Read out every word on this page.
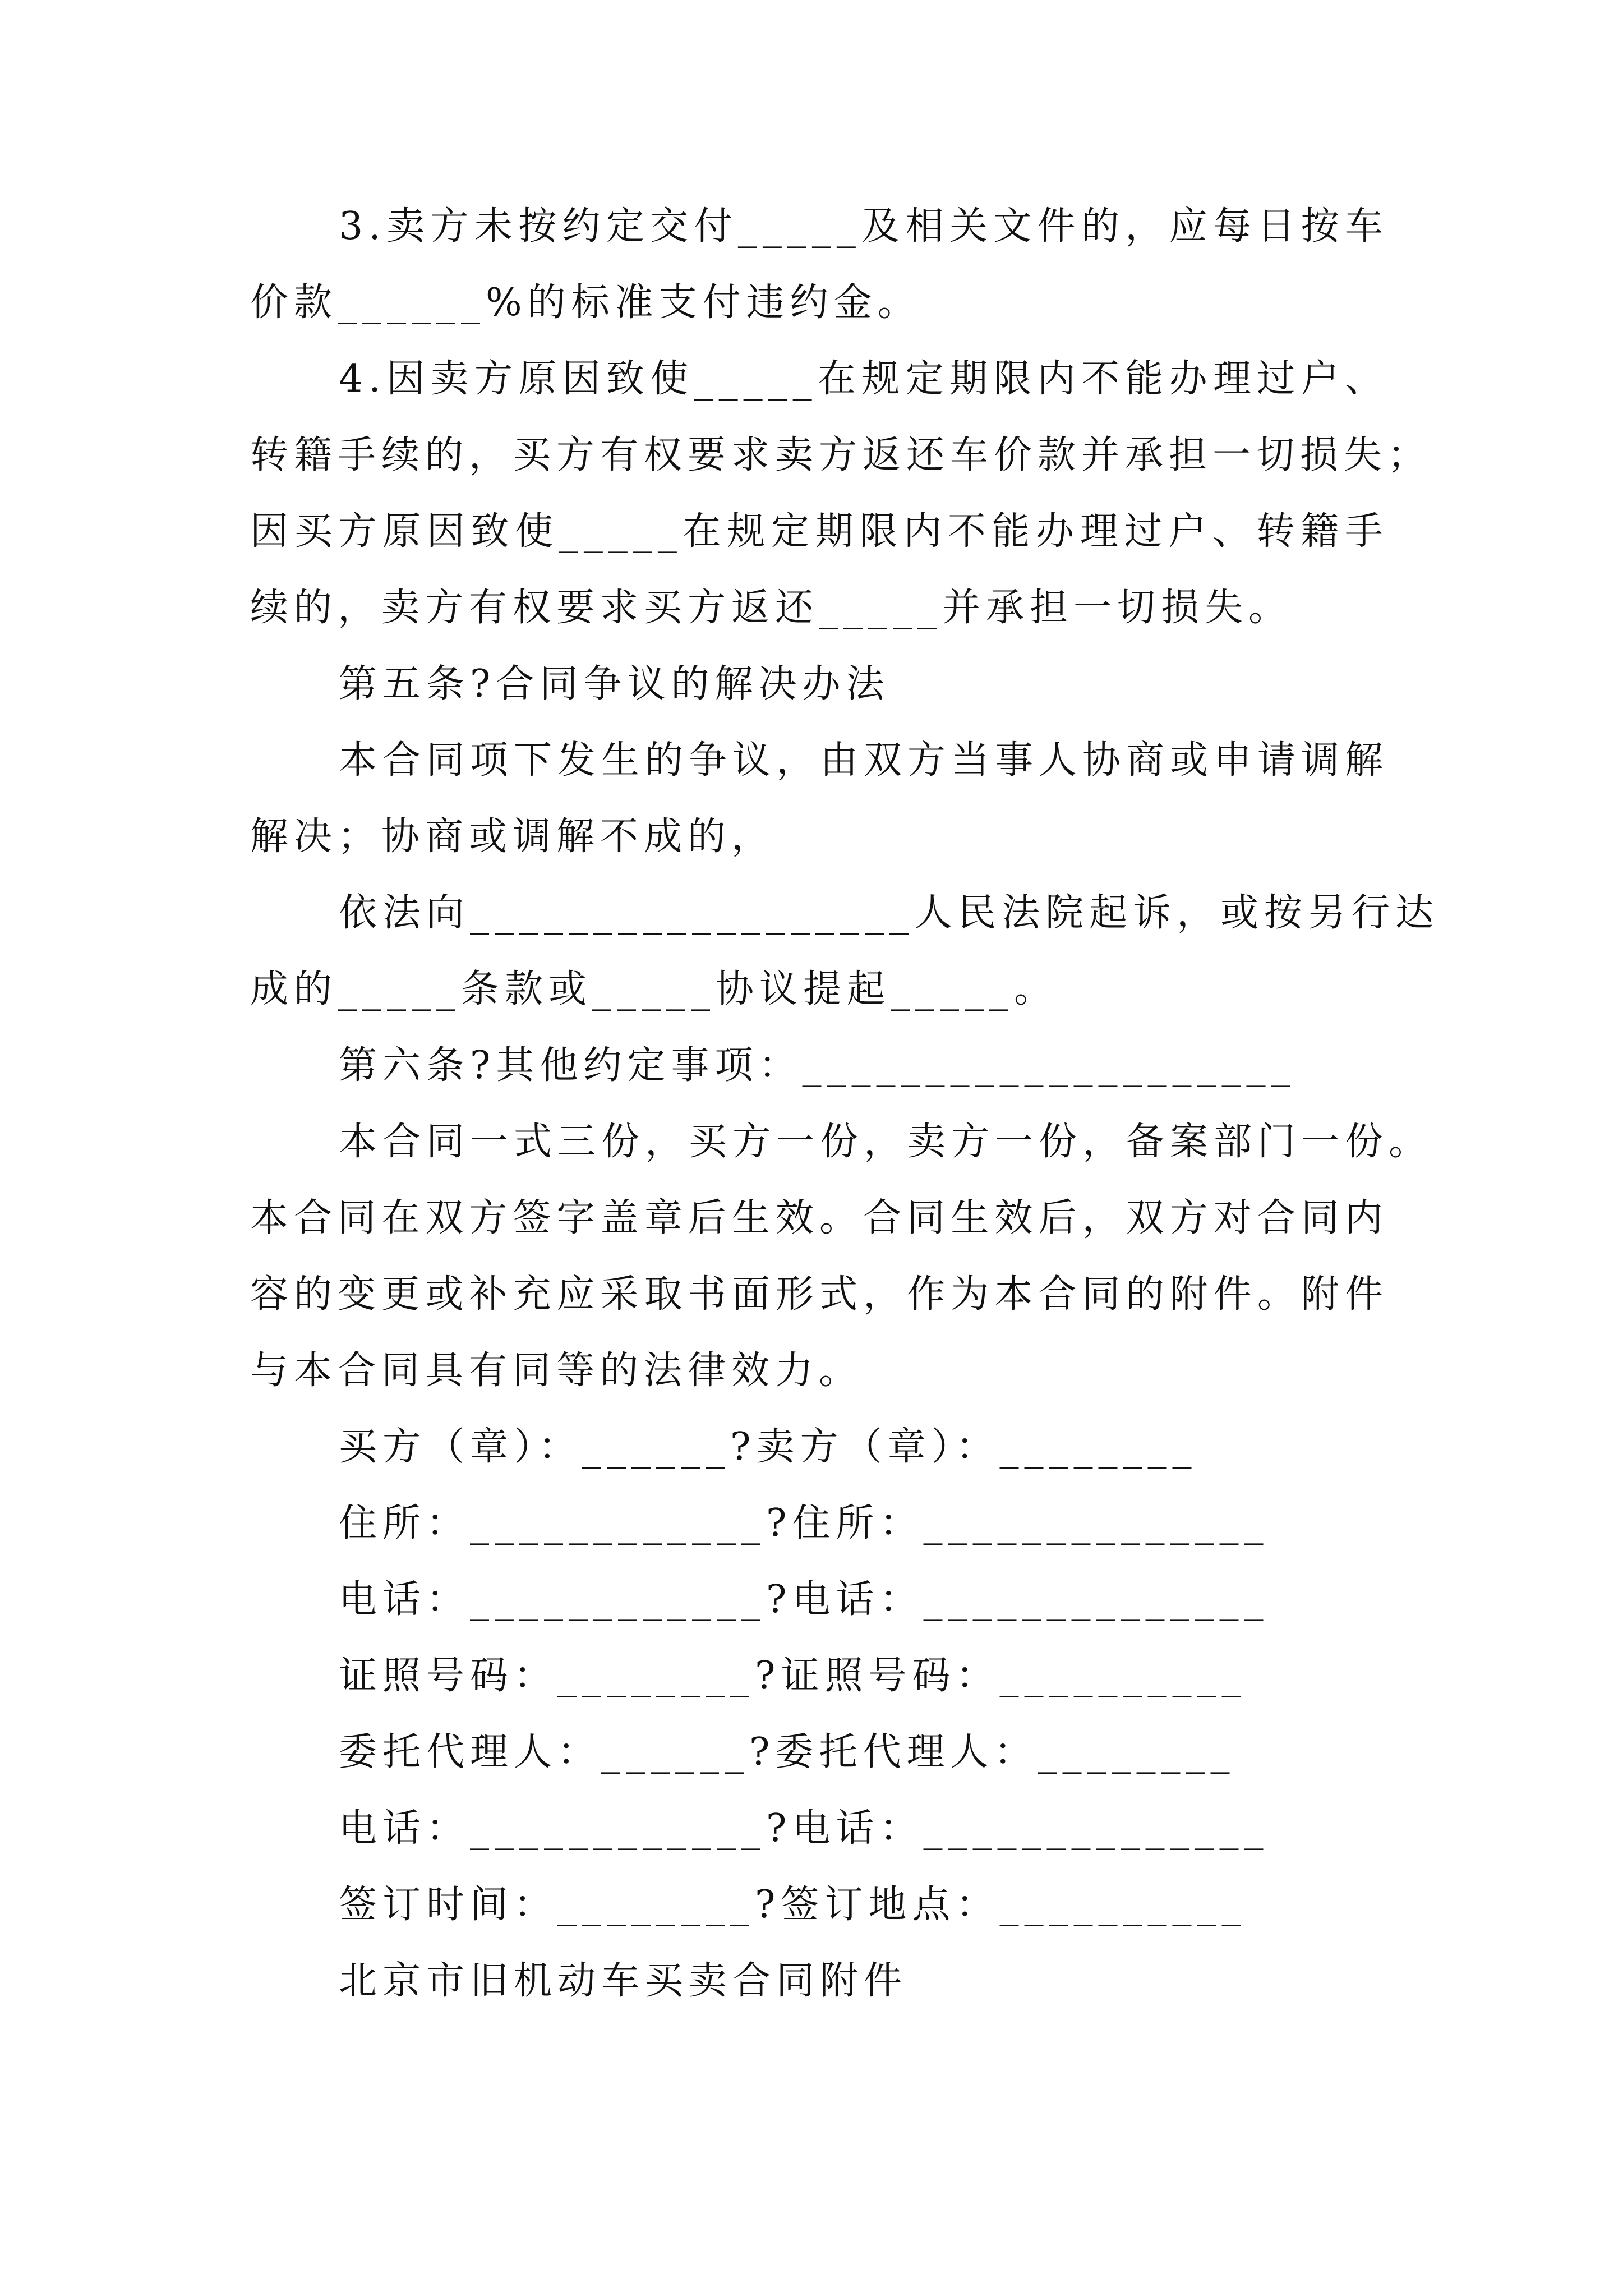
3.卖方未按约定交付_____及相关文件的，应每日按车
价款______%的标准支付违约金。
4.因卖方原因致使_____在规定期限内不能办理过户、
转籍手续的，买方有权要求卖方返还车价款并承担一切损失；
因买方原因致使_____在规定期限内不能办理过户、转籍手
续的，卖方有权要求买方返还_____并承担一切损失。
第五条?合同争议的解决办法
本合同项下发生的争议，由双方当事人协商或申请调解
解决；协商或调解不成的，
依法向__________________人民法院起诉，或按另行达
成的_____条款或_____协议提起_____。
第六条?其他约定事项：____________________
本合同一式三份，买方一份，卖方一份，备案部门一份。
本合同在双方签字盖章后生效。合同生效后，双方对合同内
容的变更或补充应采取书面形式，作为本合同的附件。附件
与本合同具有同等的法律效力。
买方（章）：______?卖方（章）：________
住所：____________?住所：______________
电话：____________?电话：______________
证照号码：________?证照号码：__________
委托代理人：______?委托代理人：________
电话：____________?电话：______________
签订时间：________?签订地点：__________
北京市旧机动车买卖合同附件
